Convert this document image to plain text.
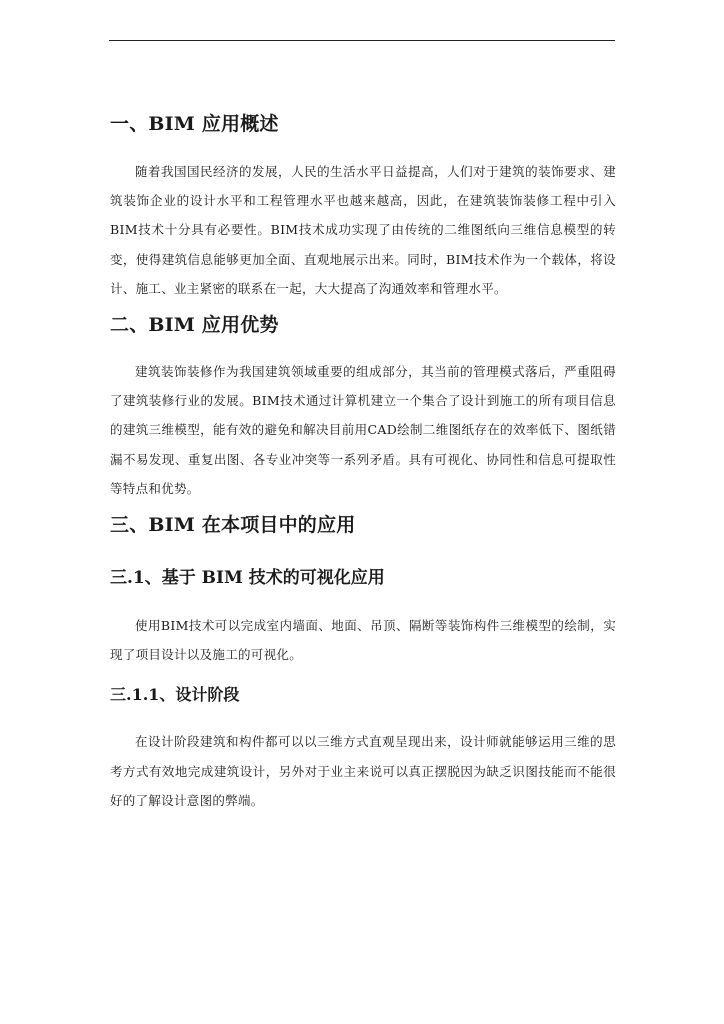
一、BIM 应用概述

随着我国国民经济的发展，人民的生活水平日益提高，人们对于建筑的装饰要求、建筑装饰企业的设计水平和工程管理水平也越来越高，因此，在建筑装饰装修工程中引入BIM技术十分具有必要性。BIM技术成功实现了由传统的二维图纸向三维信息模型的转变，使得建筑信息能够更加全面、直观地展示出来。同时，BIM技术作为一个载体，将设计、施工、业主紧密的联系在一起，大大提高了沟通效率和管理水平。

二、BIM 应用优势

建筑装饰装修作为我国建筑领域重要的组成部分，其当前的管理模式落后，严重阻碍了建筑装修行业的发展。BIM技术通过计算机建立一个集合了设计到施工的所有项目信息的建筑三维模型，能有效的避免和解决目前用CAD绘制二维图纸存在的效率低下、图纸错漏不易发现、重复出图、各专业冲突等一系列矛盾。具有可视化、协同性和信息可提取性等特点和优势。

三、BIM 在本项目中的应用
三.1、基于 BIM 技术的可视化应用

使用BIM技术可以完成室内墙面、地面、吊顶、隔断等装饰构件三维模型的绘制，实现了项目设计以及施工的可视化。

三.1.1、设计阶段

在设计阶段建筑和构件都可以以三维方式直观呈现出来，设计师就能够运用三维的思考方式有效地完成建筑设计，另外对于业主来说可以真正摆脱因为缺乏识图技能而不能很好的了解设计意图的弊端。
